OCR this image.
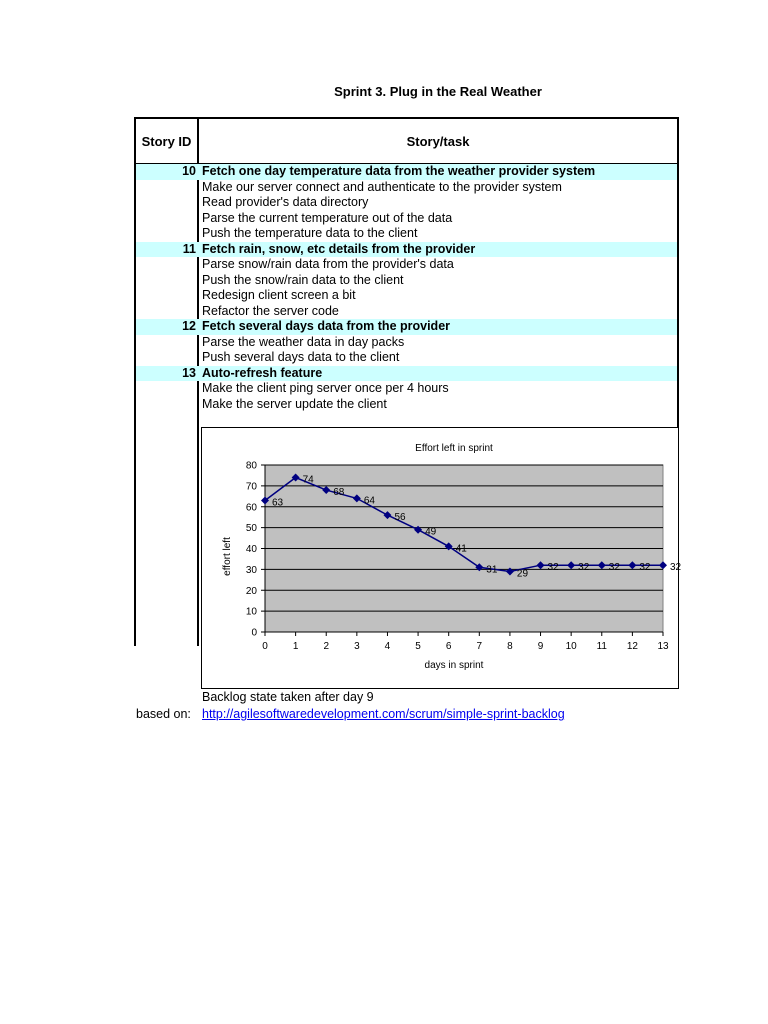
Sprint 3. Plug in the Real Weather
Story ID	Story/task
10 Fetch one day temperature data from the weather provider system
Make our server connect and authenticate to the provider system
Read provider's data directory
Parse the current temperature out of the data
Push the temperature data to the client
11 Fetch rain, snow, etc details from the provider
Parse snow/rain data from the provider's data
Push the snow/rain data to the client
Redesign client screen a bit
Refactor the server code
12 Fetch several days data from the provider
Parse the weather data in day packs
Push several days data to the client
13 Auto-refresh feature
Make the client ping server once per 4 hours
Make the server update the client
Effort left in sprint
0
10
20
30
40
50
60
70
80
0	1	2	3	4	5	6	7	8	9 10 11 12 13
days in sprint
effort left
63
74
68
64
56
49
41
31 29
32 32 32 32 32
Backlog state taken after day 9
based on: http://agilesoftwaredevelopment.com/scrum/simple-sprint-backlog
